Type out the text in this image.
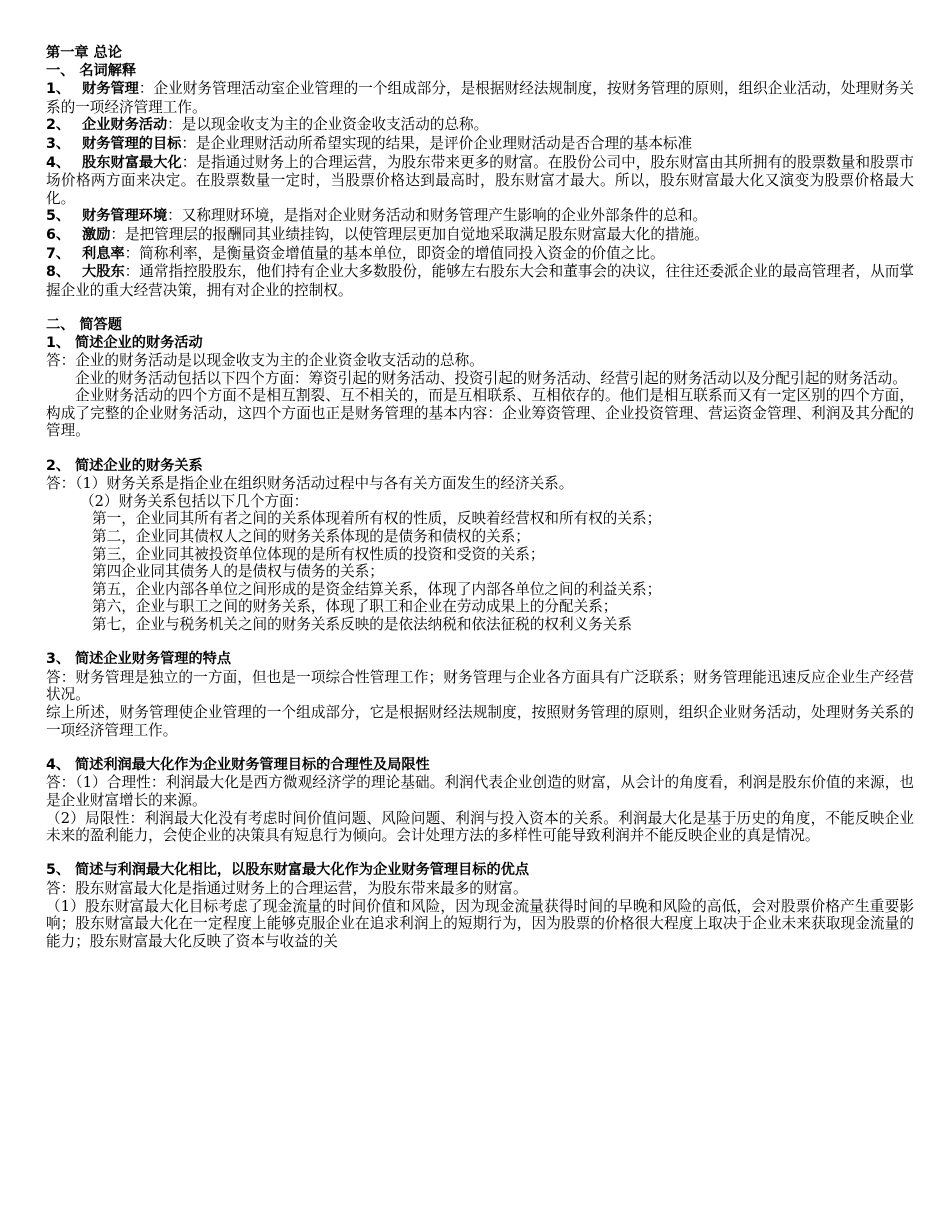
第一章 总论

一、 名词解释

1、 财务管理：企业财务管理活动室企业管理的一个组成部分，是根据财经法规制度，按财务管理的原则，组织企业活动，处理财务关系的一项经济管理工作。

2、 企业财务活动：是以现金收支为主的企业资金收支活动的总称。

3、 财务管理的目标：是企业理财活动所希望实现的结果，是评价企业理财活动是否合理的基本标准

4、 股东财富最大化：是指通过财务上的合理运营，为股东带来更多的财富。在股份公司中，股东财富由其所拥有的股票数量和股票市场价格两方面来决定。在股票数量一定时，当股票价格达到最高时，股东财富才最大。所以，股东财富最大化又演变为股票价格最大化。

5、 财务管理环境：又称理财环境，是指对企业财务活动和财务管理产生影响的企业外部条件的总和。

6、 激励：是把管理层的报酬同其业绩挂钩，以使管理层更加自觉地采取满足股东财富最大化的措施。

7、 利息率：简称利率，是衡量资金增值量的基本单位，即资金的增值同投入资金的价值之比。

8、 大股东：通常指控股股东，他们持有企业大多数股份，能够左右股东大会和董事会的决议，往往还委派企业的最高管理者，从而掌握企业的重大经营决策，拥有对企业的控制权。

二、 简答题

1、 简述企业的财务活动

答：企业的财务活动是以现金收支为主的企业资金收支活动的总称。

企业的财务活动包括以下四个方面：筹资引起的财务活动、投资引起的财务活动、经营引起的财务活动以及分配引起的财务活动。

企业财务活动的四个方面不是相互割裂、互不相关的，而是互相联系、互相依存的。他们是相互联系而又有一定区别的四个方面，构成了完整的企业财务活动，这四个方面也正是财务管理的基本内容：企业筹资管理、企业投资管理、营运资金管理、利润及其分配的管理。

2、 简述企业的财务关系

答：（1）财务关系是指企业在组织财务活动过程中与各有关方面发生的经济关系。

（2）财务关系包括以下几个方面：

第一，企业同其所有者之间的关系体现着所有权的性质，反映着经营权和所有权的关系；

第二，企业同其债权人之间的财务关系体现的是债务和债权的关系；

第三，企业同其被投资单位体现的是所有权性质的投资和受资的关系；

第四企业同其债务人的是债权与债务的关系；

第五，企业内部各单位之间形成的是资金结算关系，体现了内部各单位之间的利益关系；

第六，企业与职工之间的财务关系，体现了职工和企业在劳动成果上的分配关系；

第七，企业与税务机关之间的财务关系反映的是依法纳税和依法征税的权利义务关系

3、 简述企业财务管理的特点

答：财务管理是独立的一方面，但也是一项综合性管理工作；财务管理与企业各方面具有广泛联系；财务管理能迅速反应企业生产经营状况。

综上所述，财务管理使企业管理的一个组成部分，它是根据财经法规制度，按照财务管理的原则，组织企业财务活动，处理财务关系的一项经济管理工作。

4、 简述利润最大化作为企业财务管理目标的合理性及局限性

答：（1）合理性：利润最大化是西方微观经济学的理论基础。利润代表企业创造的财富，从会计的角度看，利润是股东价值的来源，也是企业财富增长的来源。

（2）局限性：利润最大化没有考虑时间价值问题、风险问题、利润与投入资本的关系。利润最大化是基于历史的角度，不能反映企业未来的盈利能力，会使企业的决策具有短息行为倾向。会计处理方法的多样性可能导致利润并不能反映企业的真是情况。

5、 简述与利润最大化相比，以股东财富最大化作为企业财务管理目标的优点

答：股东财富最大化是指通过财务上的合理运营，为股东带来最多的财富。

（1）股东财富最大化目标考虑了现金流量的时间价值和风险，因为现金流量获得时间的早晚和风险的高低，会对股票价格产生重要影响；股东财富最大化在一定程度上能够克服企业在追求利润上的短期行为，因为股票的价格很大程度上取决于企业未来获取现金流量的能力；股东财富最大化反映了资本与收益的关
